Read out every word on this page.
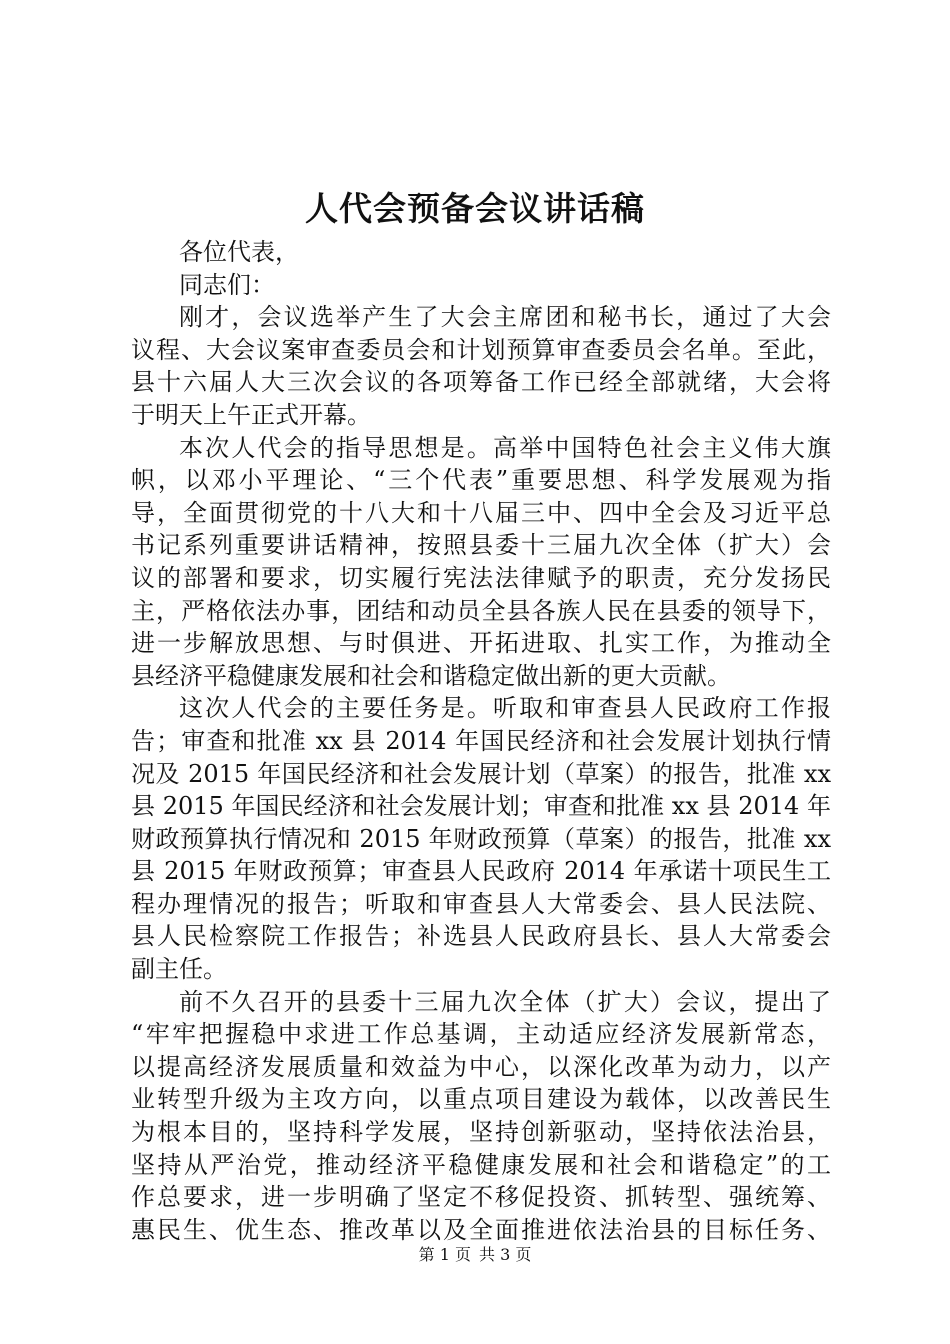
人代会预备会议讲话稿
各位代表，
同志们：
刚才，会议选举产生了大会主席团和秘书长，通过了大会
议程、大会议案审查委员会和计划预算审查委员会名单。至此，
县十六届人大三次会议的各项筹备工作已经全部就绪，大会将
于明天上午正式开幕。
本次人代会的指导思想是。高举中国特色社会主义伟大旗
帜，以邓小平理论、“三个代表”重要思想、科学发展观为指
导，全面贯彻党的十八大和十八届三中、四中全会及习近平总
书记系列重要讲话精神，按照县委十三届九次全体（扩大）会
议的部署和要求，切实履行宪法法律赋予的职责，充分发扬民
主，严格依法办事，团结和动员全县各族人民在县委的领导下，
进一步解放思想、与时俱进、开拓进取、扎实工作，为推动全
县经济平稳健康发展和社会和谐稳定做出新的更大贡献。
这次人代会的主要任务是。听取和审查县人民政府工作报
告；审查和批准 xx 县 2014 年国民经济和社会发展计划执行情
况及 2015 年国民经济和社会发展计划（草案）的报告，批准 xx
县 2015 年国民经济和社会发展计划；审查和批准 xx 县 2014 年
财政预算执行情况和 2015 年财政预算（草案）的报告，批准 xx
县 2015 年财政预算；审查县人民政府 2014 年承诺十项民生工
程办理情况的报告；听取和审查县人大常委会、县人民法院、
县人民检察院工作报告；补选县人民政府县长、县人大常委会
副主任。
前不久召开的县委十三届九次全体（扩大）会议，提出了
“牢牢把握稳中求进工作总基调，主动适应经济发展新常态，
以提高经济发展质量和效益为中心，以深化改革为动力，以产
业转型升级为主攻方向，以重点项目建设为载体，以改善民生
为根本目的，坚持科学发展，坚持创新驱动，坚持依法治县，
坚持从严治党，推动经济平稳健康发展和社会和谐稳定”的工
作总要求，进一步明确了坚定不移促投资、抓转型、强统筹、
惠民生、优生态、推改革以及全面推进依法治县的目标任务、
第 1 页 共 3 页
